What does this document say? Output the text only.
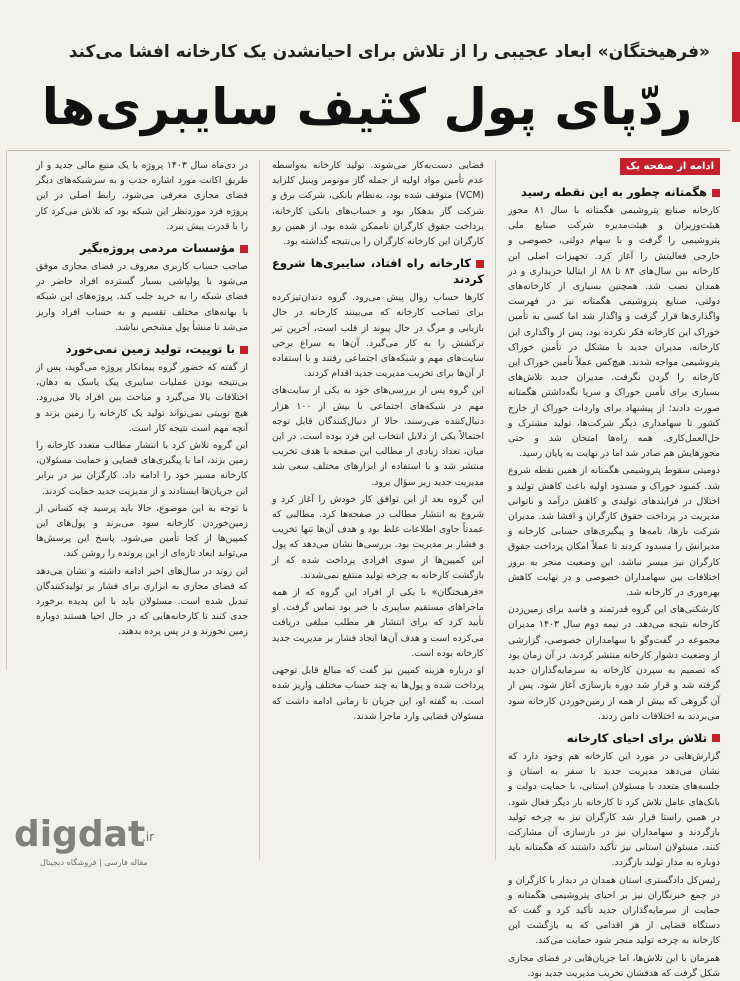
«فرهیختگان» ابعاد عجیبی را از تلاش برای احیانشدن یک کارخانه افشا می‌کند
ردّپای پول کثیف سایبری‌ها
ادامه از صفحه یک
هگمتانه چطور به این نقطه رسید

کارخانه صنایع پتروشیمی هگمتانه با سال ۸۱ مجوز هیئت‌وزیران و هیئت‌مدیره شرکت صنایع ملی پتروشیمی را گرفت و با سهام دولتی، خصوصی و خارجی فعالیتش را آغاز کرد. تجهیزات اصلی این کارخانه بین سال‌های ۸۴ تا ۸۸ از ایتالیا خریداری و در همدان نصب شد. همچنین بسیاری از کارخانه‌های دولتی، صنایع پتروشیمی هگمتانه نیز در فهرست واگذاری‌ها قرار گرفت و واگذار شد اما کسی به تأمین خوراک این کارخانه فکر نکرده بود. پس از واگذاری این کارخانه، مدیران جدید با مشکل در تأمین خوراک پتروشیمی مواجه شدند. هیچ‌کس عملاً تأمین خوراک این کارخانه را گردن نگرفت. مدیران جدید تلاش‌های بسیاری برای تأمین خوراک و سرپا نگه‌داشتن هگمتانه صورت دادند؛ از پیشنهاد برای واردات خوراک از خارج کشور تا سهامداری دیگر شرکت‌ها، تولید مشترک و حل‌العمل‌کاری. همه راه‌ها امتحان شد و حتی مجوزهایش هم صادر شد اما در نهایت به پایان رسید.

دومیتی سقوط پتروشیمی هگمتانه از همین نقطه شروع شد. کمبود خوراک و مسدود اولیه باعث کاهش تولید و اختلال در فرایندهای تولیدی و کاهش درآمد و ناتوانی مدیریت در پرداخت حقوق کارگران و افشا شد. مدیران شرکت بارها، نامه‌ها و پیگیری‌های حسابی کارخانه و مدیرانش را مسدود کردند تا عملاً امکان پرداخت حقوق کارگران نیز میسر نباشد. این وضعیت منجر به بروز اختلافات بین سهامداران خصوصی و در نهایت کاهش بهره‌وری در کارخانه شد.

کارشکنی‌های این گروه قدرتمند و فاسد برای زمین‌زدن کارخانه نتیجه می‌دهد. در نیمه دوم سال ۱۴۰۳ مدیران مجموعه در گفت‌وگو با سهامداران خصوصی، گزارشی از وضعیت دشوار کارخانه منتشر کردند. در آن زمان بود که تصمیم به سپردن کارخانه به سرمایه‌گذاران جدید گرفته شد و قرار شد دوره بازسازی آغاز شود. پس از آن گروهی که بیش از همه از زمین‌خوردن کارخانه سود می‌بردند به اختلافات دامن زدند.

تلاش برای احیای کارخانه

گزارش‌هایی در مورد این کارخانه هم وجود دارد که نشان می‌دهد مدیریت جدید با سفر به استان و جلسه‌های متعدد با مسئولان استانی، با حمایت دولت و بانک‌های عامل تلاش کرد تا کارخانه بار دیگر فعال شود. در همین راستا قرار شد کارگران نیز به چرخه تولید بازگردند و سهامداران نیز در بازسازی آن مشارکت کنند. مسئولان استانی نیز تأکید داشتند که هگمتانه باید دوباره به مدار تولید بازگردد.

رئیس‌کل دادگستری استان همدان در دیدار با کارگران و در جمع خبرنگاران نیز بر احیای پتروشیمی هگمتانه و حمایت از سرمایه‌گذاران جدید تأکید کرد و گفت که دستگاه قضایی از هر اقدامی که به بازگشت این کارخانه به چرخه تولید منجر شود حمایت می‌کند.

همزمان با این تلاش‌ها، اما جریان‌هایی در فضای مجازی شکل گرفت که هدفشان تخریب مدیریت جدید بود.

قضایی دست‌به‌کار می‌شوند. تولید کارخانه به‌واسطه عدم تأمین مواد اولیه از جمله گاز مونومر وینیل کلراید (VCM) متوقف شده بود، به‌نظام بانکی، شرکت برق و شرکت گاز بدهکار بود و حساب‌های بانکی کارخانه، پرداخت حقوق کارگران ناممکن شده بود. از همین رو کارگران این کارخانه کارگران را بی‌نتیجه گذاشته بود.

کارخانه راه افتاد، سایبری‌ها شروع کردند

کارها حساب روال پیش می‌رود. گروه دندان‌تیزکرده برای تصاحب کارخانه که می‌بینند کارخانه در حال بازیابی و مرگ در حال پیوند از قلب است، آخرین تیر ترکشش را به کار می‌گیرد. آن‌ها به سراغ برخی سایت‌های مهم و شبکه‌های اجتماعی رفتند و با استفاده از آن‌ها برای تخریب مدیریت جدید اقدام کردند.

این گروه پس از بررسی‌های خود به یکی از سایت‌های مهم در شبکه‌های اجتماعی با بیش از ۱۰۰ هزار دنبال‌کننده می‌رسند. حالا از دنبال‌کنندگان قابل توجه احتمالاً یکی از دلایل انتخاب این فرد بوده است. در این میان، تعداد زیادی از مطالب این صفحه با هدف تخریب منتشر شد و با استفاده از ابزارهای مختلف سعی شد مدیریت جدید زیر سؤال برود.

این گروه بعد از این توافق کار خودش را آغاز کرد و شروع به انتشار مطالب در صفحه‌ها کرد. مطالبی که عمدتاً حاوی اطلاعات غلط بود و هدف آن‌ها تنها تخریب و فشار بر مدیریت بود. بررسی‌ها نشان می‌دهد که پول این کمپین‌ها از سوی افرادی پرداخت شده که از بازگشت کارخانه به چرخه تولید منتفع نمی‌شدند.

«فرهیختگان» با یکی از افراد این گروه که از همه ماجراهای مستقیم سایبری با خبر بود تماس گرفت. او تأیید کرد که برای انتشار هر مطلب مبلغی دریافت می‌کرده است و هدف آن‌ها ایجاد فشار بر مدیریت جدید کارخانه بوده است.

او درباره هزینه کمپین نیز گفت که مبالغ قابل توجهی پرداخت شده و پول‌ها به چند حساب مختلف واریز شده است. به گفته او، این جریان تا زمانی ادامه داشت که مسئولان قضایی وارد ماجرا شدند.

در دی‌ماه سال ۱۴۰۳ پروژه با یک منبع مالی جدید و از طریق اکانت مورد اشاره جذب و به سرشبکه‌های دیگر فضای مجازی معرفی می‌شود. رابط اصلی در این پروژه فرد موردنظر این شبکه بود که تلاش می‌کرد کار را با قدرت پیش ببرد.

مؤسسات مردمی پروژه‌بگیر

صاحب حساب کاربری معروف در فضای مجازی موفق می‌شود با پولپاشی بسیار گسترده افراد حاضر در فضای شبکه را به خرید جلب کند. پروژه‌های این شبکه با بهانه‌های مختلف تقسیم و به حساب افراد واریز می‌شد تا منشأ پول مشخص نباشد.

با توییت، تولید زمین نمی‌خورد

از گفته که حضور گروه پیمانکار پروژه می‌گوید، پس از بی‌نتیجه بودن عملیات سایبری پیک یاسک به دهان، اختلافات بالا می‌گیرد و مباحث بین افراد بالا می‌رود. هیچ توییتی نمی‌تواند تولید یک کارخانه را زمین بزند و آنچه مهم است نتیجه کار است.

این گروه تلاش کرد با انتشار مطالب متعدد کارخانه را زمین بزند، اما با پیگیری‌های قضایی و حمایت مسئولان، کارخانه مسیر خود را ادامه داد. کارگران نیز در برابر این جریان‌ها ایستادند و از مدیریت جدید حمایت کردند.

با توجه به این موضوع، حالا باید پرسید چه کسانی از زمین‌خوردن کارخانه سود می‌برند و پول‌های این کمپین‌ها از کجا تأمین می‌شود. پاسخ این پرسش‌ها می‌تواند ابعاد تازه‌ای از این پرونده را روشن کند.

این روند در سال‌های اخیر ادامه داشته و نشان می‌دهد که فضای مجازی به ابزاری برای فشار بر تولیدکنندگان تبدیل شده است. مسئولان باید با این پدیده برخورد جدی کنند تا کارخانه‌هایی که در حال احیا هستند دوباره زمین نخورند و در پس پرده بدهند.

digdat
.ir
مقاله فارسی | فروشگاه دیجیتال
